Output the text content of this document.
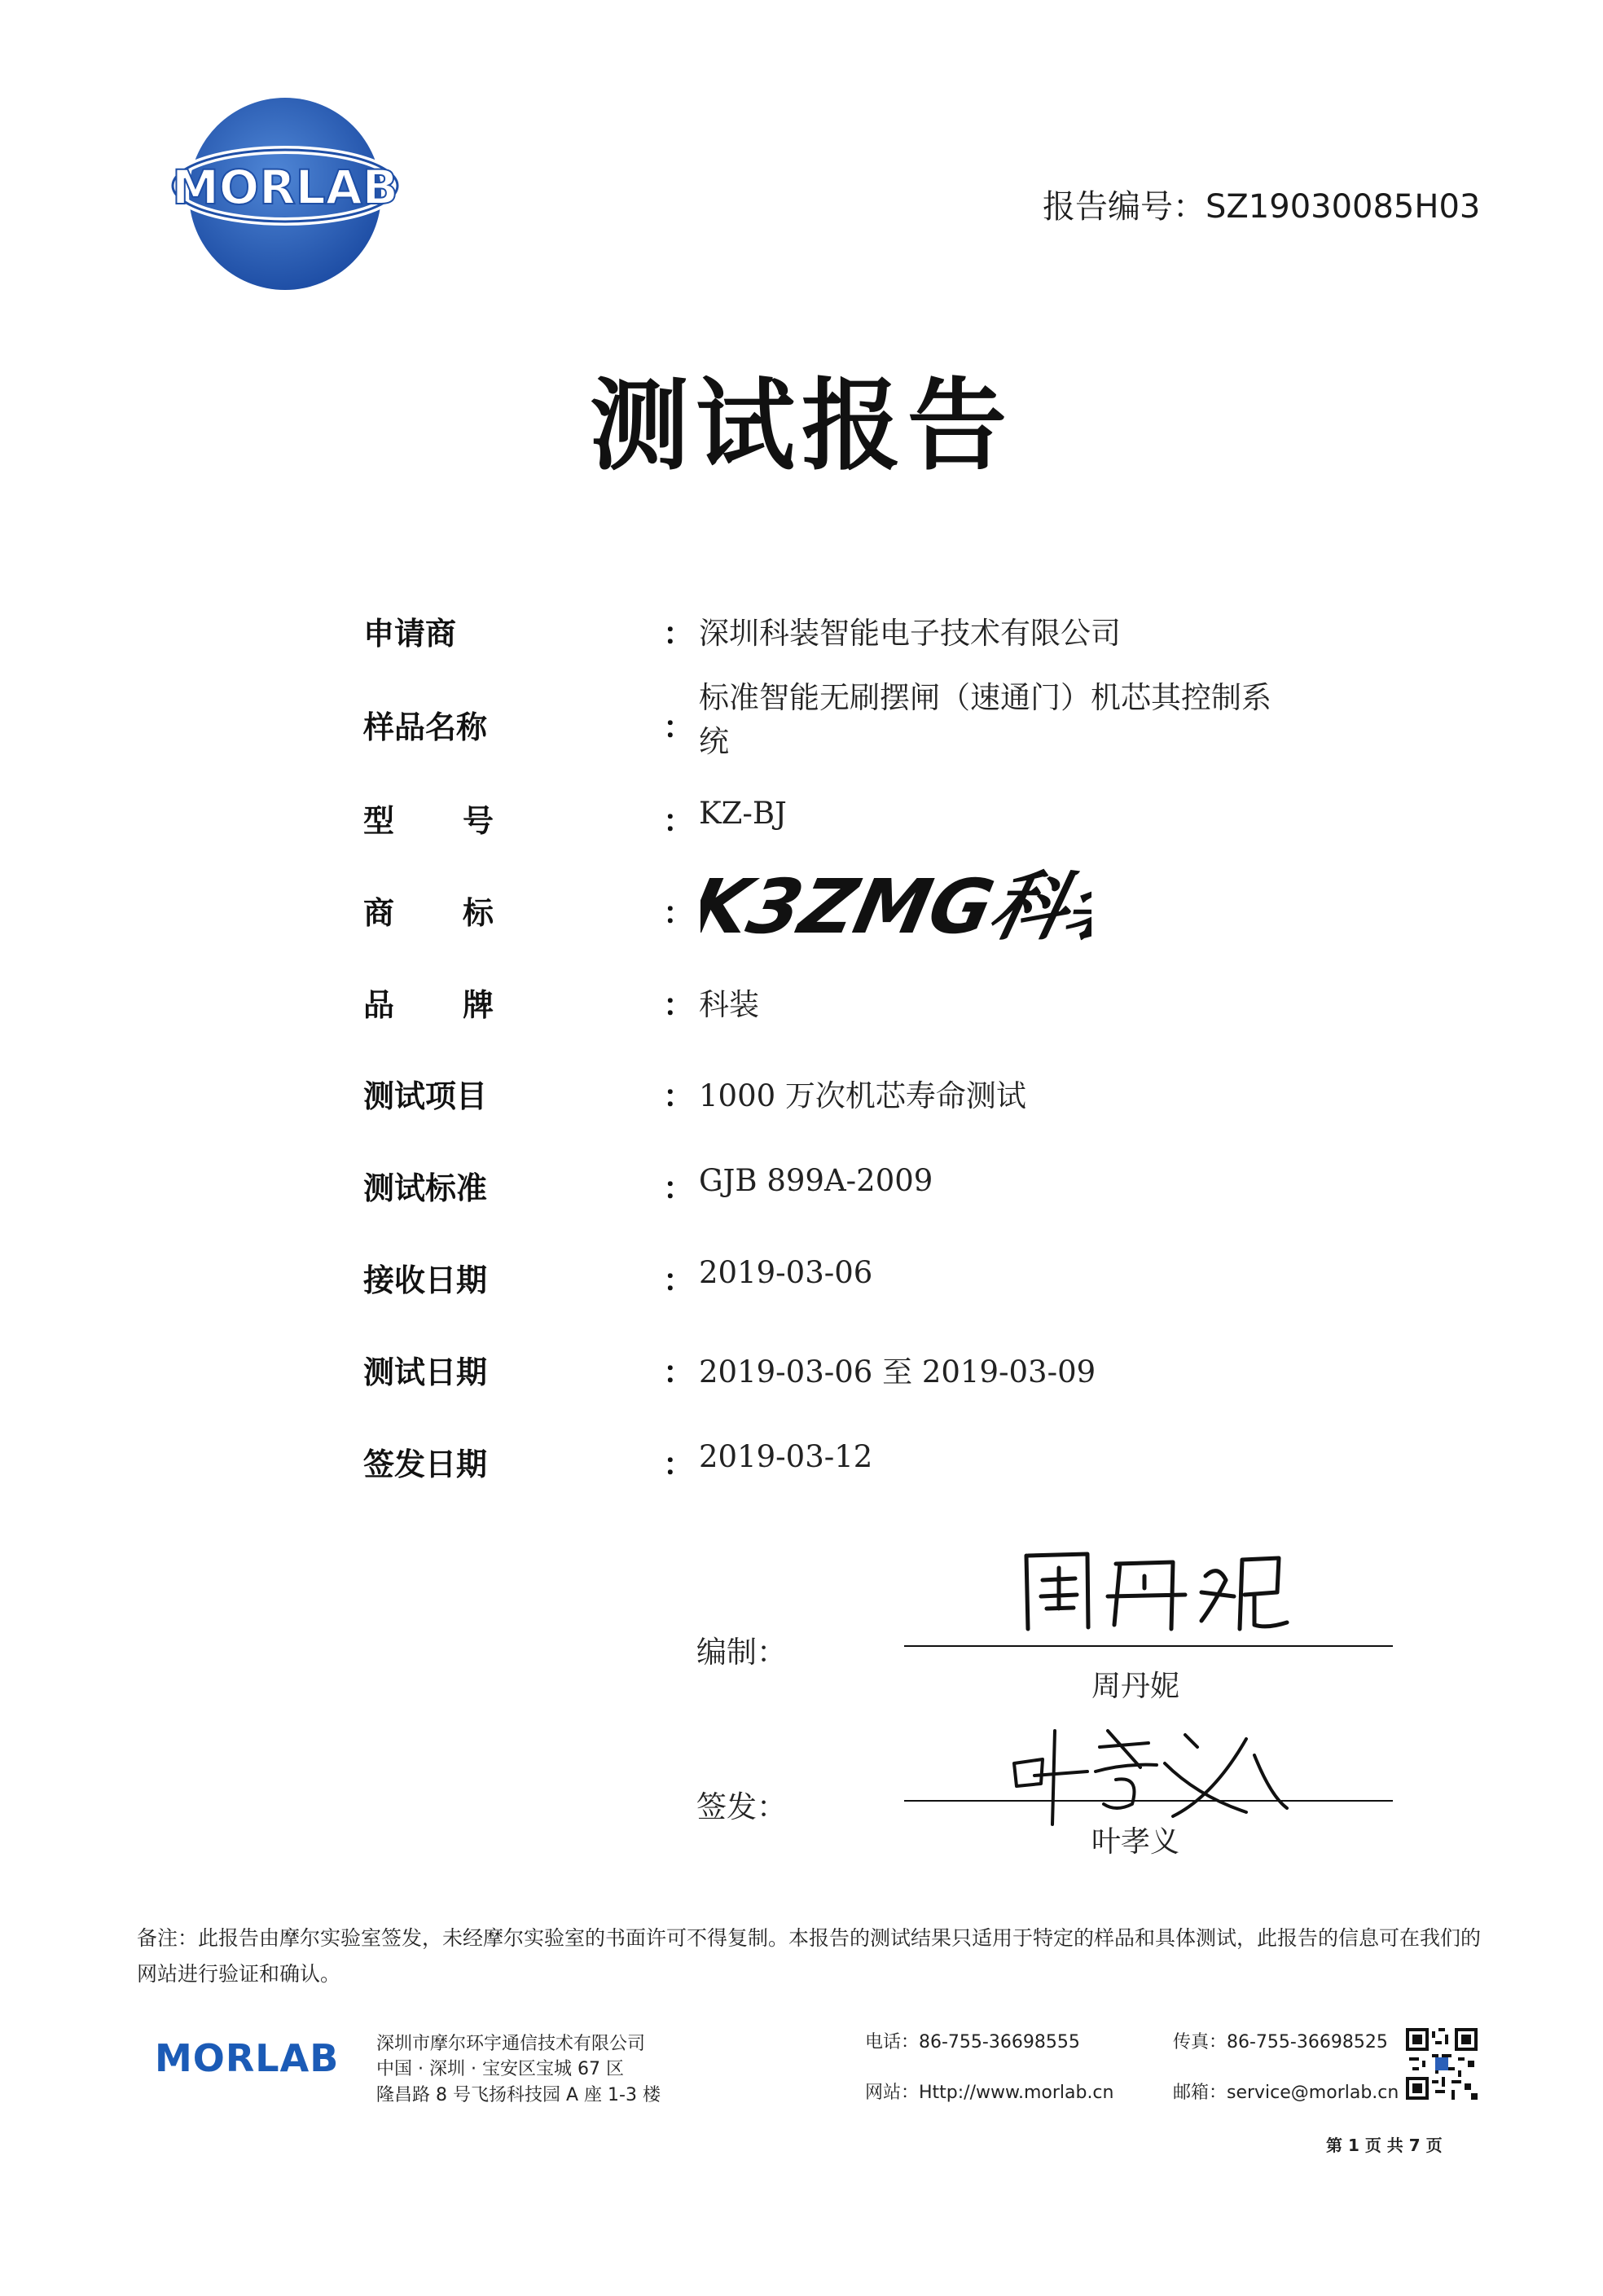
MORLAB	报告编号：SZ19030085H03
测试报告
申请商	： 深圳科装智能电子技术有限公司
样品名称	：
标准智能无刷摆闸（速通门）机芯其控制系统
型 号	： KZ-BJ
商 标	：
K3ZMG科装
品 牌	： 科装
测试项目	： 1000 万次机芯寿命测试
测试标准	： GJB 899A-2009
接收日期	： 2019-03-06
测试日期	： 2019-03-06 至 2019-03-09
签发日期	： 2019-03-12
编制：
周丹妮
签发：
叶孝义
备注：此报告由摩尔实验室签发，未经摩尔实验室的书面许可不得复制。本报告的测试结果只适用于特定的样品和具体测试，此报告的信息可在我们的网站进行验证和确认。
MORLAB 深圳市摩尔环宇通信技术有限公司
中国 · 深圳 · 宝安区宝城 67 区
隆昌路 8 号飞扬科技园 A 座 1-3 楼
电话：86-755-36698555
网站：Http://www.morlab.cn
传真：86-755-36698525
邮箱：service@morlab.cn
第 1 页 共 7 页
